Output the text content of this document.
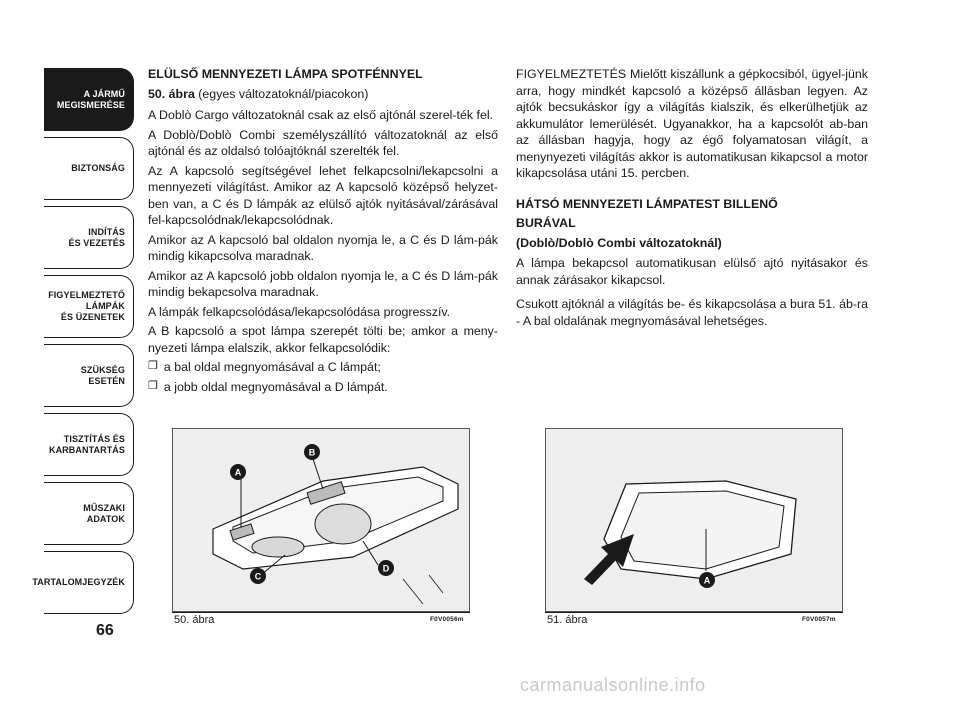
A JÁRMŰ
MEGISMERÉSE
BIZTONSÁG
INDÍTÁS
ÉS VEZETÉS
FIGYELMEZTETŐ
LÁMPÁK
ÉS ÜZENETEK
SZÜKSÉG
ESETÉN
TISZTÍTÁS ÉS
KARBANTARTÁS
MŰSZAKI
ADATOK
TARTALOMJEGYZÉK
66

ELÜLSŐ MENNYEZETI LÁMPA SPOTFÉNNYEL

50. ábra (egyes változatoknál/piacokon)

A Doblò Cargo változatoknál csak az első ajtónál szerel-ték fel.

A Doblò/Doblò Combi személyszállító változatoknál az első ajtónál és az oldalsó tolóajtóknál szerelték fel.

Az A kapcsoló segítségével lehet felkapcsolni/lekapcsolni a mennyezeti világítást. Amikor az A kapcsoló középső helyzet-ben van, a C és D lámpák az elülső ajtók nyitásával/zárásával fel-kapcsolódnak/lekapcsolódnak.

Amikor az A kapcsoló bal oldalon nyomja le, a C és D lám-pák mindig kikapcsolva maradnak.

Amikor az A kapcsoló jobb oldalon nyomja le, a C és D lám-pák mindig bekapcsolva maradnak.

A lámpák felkapcsolódása/lekapcsolódása progresszív.

A B kapcsoló a spot lámpa szerepét tölti be; amkor a meny-nyezeti lámpa elalszik, akkor felkapcsolódik:

❒ a bal oldal megnyomásával a C lámpát;
❒ a jobb oldal megnyomásával a D lámpát.

FIGYELMEZTETÉS Mielőtt kiszállunk a gépkocsiból, ügyel-jünk arra, hogy mindkét kapcsoló a középső állásban legyen. Az ajtók becsukáskor így a világítás kialszik, és elkerülhetjük az akkumulátor lemerülését. Ugyanakkor, ha a kapcsolót ab-ban az állásban hagyja, hogy az égő folyamatosan világít, a menynyezeti világítás akkor is automatikusan kikapcsol a motor kikapcsolása utáni 15. percben.

HÁTSÓ MENNYEZETI LÁMPATEST BILLENŐ

BURÁVAL

(Doblò/Doblò Combi változatoknál)

A lámpa bekapcsol automatikusan elülső ajtó nyitásakor és annak zárásakor kikapcsol.

Csukott ajtóknál a világítás be- és kikapcsolása a bura 51. áb-ra - A bal oldalának megnyomásával lehetséges.

A
B
C
D
50. ábra	F0V0056m
A
51. ábra	F0V0057m
carmanualsonline.info
